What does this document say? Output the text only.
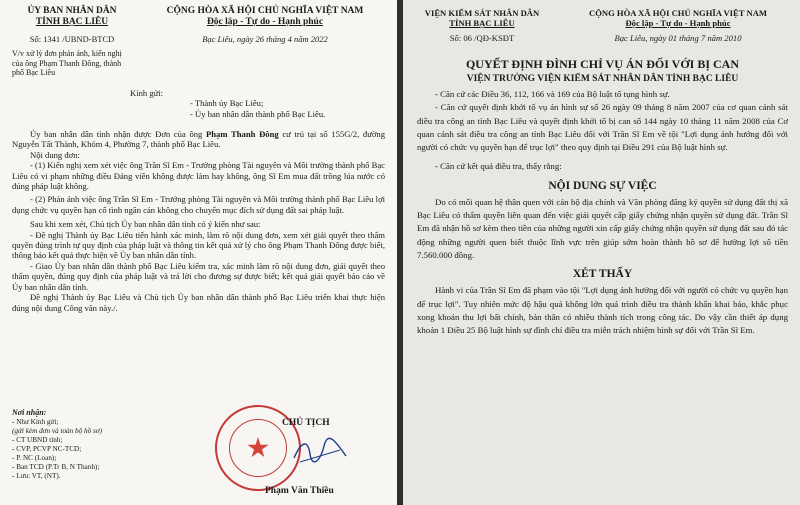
ỦY BAN NHÂN DÂN
TỈNH BẠC LIÊU
Số: 1341 /UBND-BTCD
V/v xử lý đơn phản ánh, kiến nghị của ông Phạm Thanh Đông, thành phố Bạc Liêu
CỘNG HÒA XÃ HỘI CHỦ NGHĨA VIỆT NAM
Độc lập - Tự do - Hạnh phúc
Bạc Liêu, ngày 26 tháng 4 năm 2022

Kính gửi:

- Thành ủy Bạc Liêu;

- Ủy ban nhân dân thành phố Bạc Liêu.

Ủy ban nhân dân tỉnh nhận được Đơn của ông Phạm Thanh Đông cư trú tại số 155G/2, đường Nguyễn Tất Thành, Khóm 4, Phường 7, thành phố Bạc Liêu.

Nội dung đơn:

- (1) Kiến nghị xem xét việc ông Trần Sĩ Em - Trưởng phòng Tài nguyên và Môi trường thành phố Bạc Liêu có vi phạm những điều Đảng viên không được làm hay không, ông Sĩ Em mua đất trồng lúa nước có đúng pháp luật không.

- (2) Phản ánh việc ông Trần Sĩ Em - Trưởng phòng Tài nguyên và Môi trường thành phố Bạc Liêu lợi dụng chức vụ quyền hạn cố tình ngăn cản không cho chuyển mục đích sử dụng đất sai pháp luật.

Sau khi xem xét, Chủ tịch Ủy ban nhân dân tỉnh có ý kiến như sau:

- Đề nghị Thành ủy Bạc Liêu tiến hành xác minh, làm rõ nội dung đơn, xem xét giải quyết theo thẩm quyền đúng trình tự quy định của pháp luật và thông tin kết quả xử lý cho ông Phạm Thanh Đông được biết, thông báo kết quả thực hiện về Ủy ban nhân dân tỉnh.

- Giao Ủy ban nhân dân thành phố Bạc Liêu kiểm tra, xác minh làm rõ nội dung đơn, giải quyết theo thẩm quyền, đúng quy định của pháp luật và trả lời cho đương sự được biết; kết quả giải quyết báo cáo về Ủy ban nhân dân tỉnh.

Đề nghị Thành ủy Bạc Liêu và Chủ tịch Ủy ban nhân dân thành phố Bạc Liêu triển khai thực hiện đúng nội dung Công văn này./.

Nơi nhận:
- Như Kính gửi;
(gửi kèm đơn và toàn bộ hồ sơ)
- CT UBND tỉnh;
- CVP, PCVP NC-TCD;
- P. NC (Loan);
- Ban TCD (P.Tr B, N Thanh);
- Lưu: VT, (NT).
CHỦ TỊCH
Phạm Văn Thiều
VIỆN KIỂM SÁT NHÂN DÂN
TỈNH BẠC LIÊU
Số: 06 /QĐ-KSĐT
CỘNG HÒA XÃ HỘI CHỦ NGHĨA VIỆT NAM
Độc lập - Tự do - Hạnh phúc
Bạc Liêu, ngày 01 tháng 7 năm 2010
QUYẾT ĐỊNH ĐÌNH CHỈ VỤ ÁN ĐỐI VỚI BỊ CAN
VIỆN TRƯỞNG VIỆN KIỂM SÁT NHÂN DÂN TỈNH BẠC LIÊU

- Căn cứ các Điều 36, 112, 166 và 169 của Bộ luật tố tụng hình sự.

- Căn cứ quyết định khởi tố vụ án hình sự số 26 ngày 09 tháng 8 năm 2007 của cơ quan cảnh sát điều tra công an tỉnh Bạc Liêu và quyết định khởi tố bị can số 144 ngày 10 tháng 11 năm 2008 của Cơ quan cảnh sát điều tra công an tỉnh Bạc Liêu đối với Trần Sĩ Em về tội "Lợi dụng ảnh hưởng đối với người có chức vụ quyền hạn để trục lợi" theo quy định tại Điều 291 của Bộ luật hình sự.

- Căn cứ kết quả điều tra, thấy rằng:

NỘI DUNG SỰ VIỆC

Do có mối quan hệ thân quen với cán bộ địa chính và Văn phòng đăng ký quyền sử dụng đất thị xã Bạc Liêu có thẩm quyền liên quan đến việc giải quyết cấp giấy chứng nhận quyền sử dụng đất. Trần Sĩ Em đã nhận hồ sơ kèm theo tiền của những người xin cấp giấy chứng nhận quyền sử dụng đất sau đó tác động những người quen biết thuộc lĩnh vực trên giúp sớm hoàn thành hồ sơ để hưởng lợi số tiền 7.560.000 đồng.

XÉT THẤY

Hành vi của Trần Sĩ Em đã phạm vào tội "Lợi dụng ảnh hưởng đối với người có chức vụ quyền hạn để trục lợi". Tuy nhiên mức độ hậu quả không lớn quá trình điều tra thành khẩn khai báo, khắc phục xong khoản thu lợi bất chính, bản thân có nhiều thành tích trong công tác. Do vậy cần thiết áp dụng khoản 1 Điều 25 Bộ luật hình sự đình chỉ điều tra miễn trách nhiệm hình sự đối với Trần Sĩ Em.
